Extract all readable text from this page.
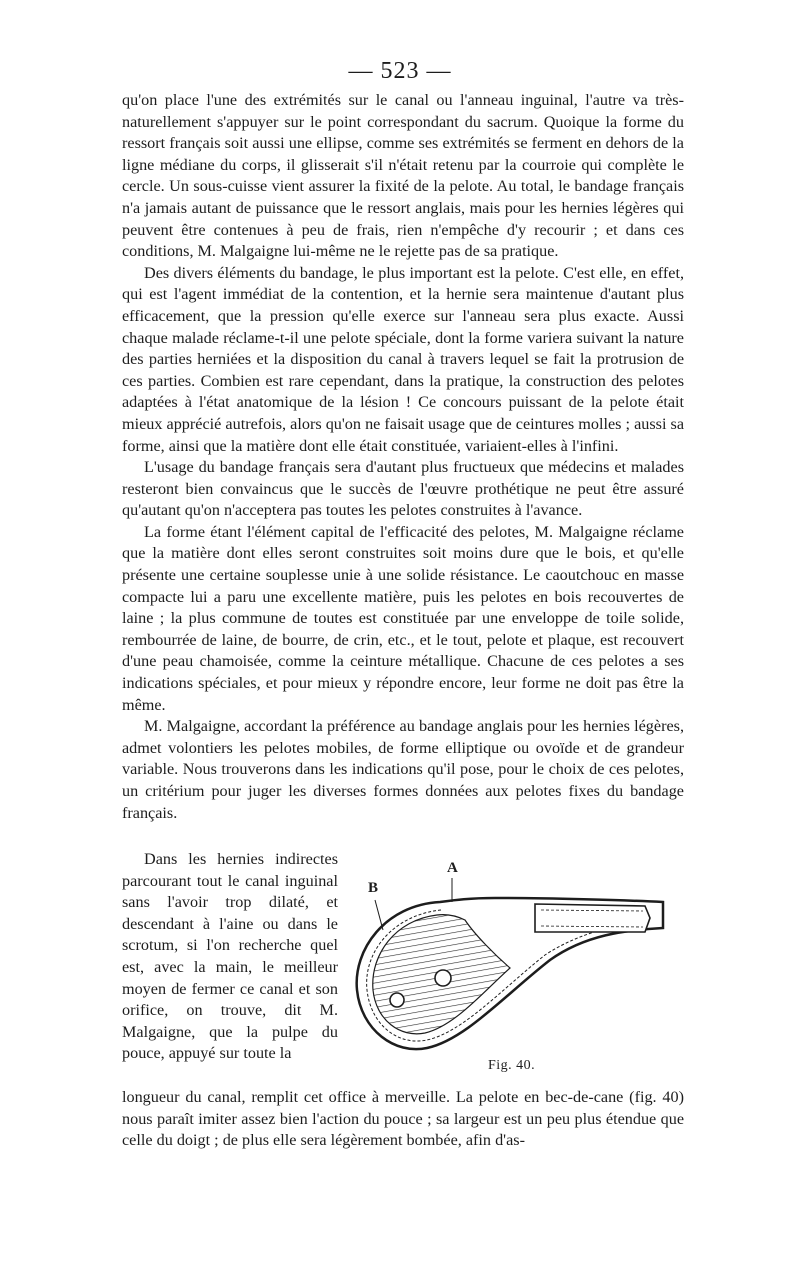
— 523 —

qu'on place l'une des extrémités sur le canal ou l'anneau inguinal, l'autre va très-naturellement s'appuyer sur le point correspondant du sacrum. Quoique la forme du ressort français soit aussi une ellipse, comme ses extrémités se ferment en dehors de la ligne médiane du corps, il glisserait s'il n'était retenu par la courroie qui complète le cercle. Un sous-cuisse vient assurer la fixité de la pelote. Au total, le bandage français n'a jamais autant de puissance que le ressort anglais, mais pour les hernies légères qui peuvent être contenues à peu de frais, rien n'empêche d'y recourir ; et dans ces conditions, M. Malgaigne lui-même ne le rejette pas de sa pratique.

Des divers éléments du bandage, le plus important est la pelote. C'est elle, en effet, qui est l'agent immédiat de la contention, et la hernie sera maintenue d'autant plus efficacement, que la pression qu'elle exerce sur l'anneau sera plus exacte. Aussi chaque malade réclame-t-il une pelote spéciale, dont la forme variera suivant la nature des parties herniées et la disposition du canal à travers lequel se fait la protrusion de ces parties. Combien est rare cependant, dans la pratique, la construction des pelotes adaptées à l'état anatomique de la lésion ! Ce concours puissant de la pelote était mieux apprécié autrefois, alors qu'on ne faisait usage que de ceintures molles ; aussi sa forme, ainsi que la matière dont elle était constituée, variaient-elles à l'infini.

L'usage du bandage français sera d'autant plus fructueux que médecins et malades resteront bien convaincus que le succès de l'œuvre prothétique ne peut être assuré qu'autant qu'on n'acceptera pas toutes les pelotes construites à l'avance.

La forme étant l'élément capital de l'efficacité des pelotes, M. Malgaigne réclame que la matière dont elles seront construites soit moins dure que le bois, et qu'elle présente une certaine souplesse unie à une solide résistance. Le caoutchouc en masse compacte lui a paru une excellente matière, puis les pelotes en bois recouvertes de laine ; la plus commune de toutes est constituée par une enveloppe de toile solide, rembourrée de laine, de bourre, de crin, etc., et le tout, pelote et plaque, est recouvert d'une peau chamoisée, comme la ceinture métallique. Chacune de ces pelotes a ses indications spéciales, et pour mieux y répondre encore, leur forme ne doit pas être la même.

M. Malgaigne, accordant la préférence au bandage anglais pour les hernies légères, admet volontiers les pelotes mobiles, de forme elliptique ou ovoïde et de grandeur variable. Nous trouverons dans les indications qu'il pose, pour le choix de ces pelotes, un critérium pour juger les diverses formes données aux pelotes fixes du bandage français.

Dans les hernies indirectes parcourant tout le canal inguinal sans l'avoir trop dilaté, et descendant à l'aine ou dans le scrotum, si l'on recherche quel est, avec la main, le meilleur moyen de fermer ce canal et son orifice, on trouve, dit M. Malgaigne, que la pulpe du pouce, appuyé sur toute la

A
B
Fig. 40.

longueur du canal, remplit cet office à merveille. La pelote en bec-de-cane (fig. 40) nous paraît imiter assez bien l'action du pouce ; sa largeur est un peu plus étendue que celle du doigt ; de plus elle sera légèrement bombée, afin d'as-
